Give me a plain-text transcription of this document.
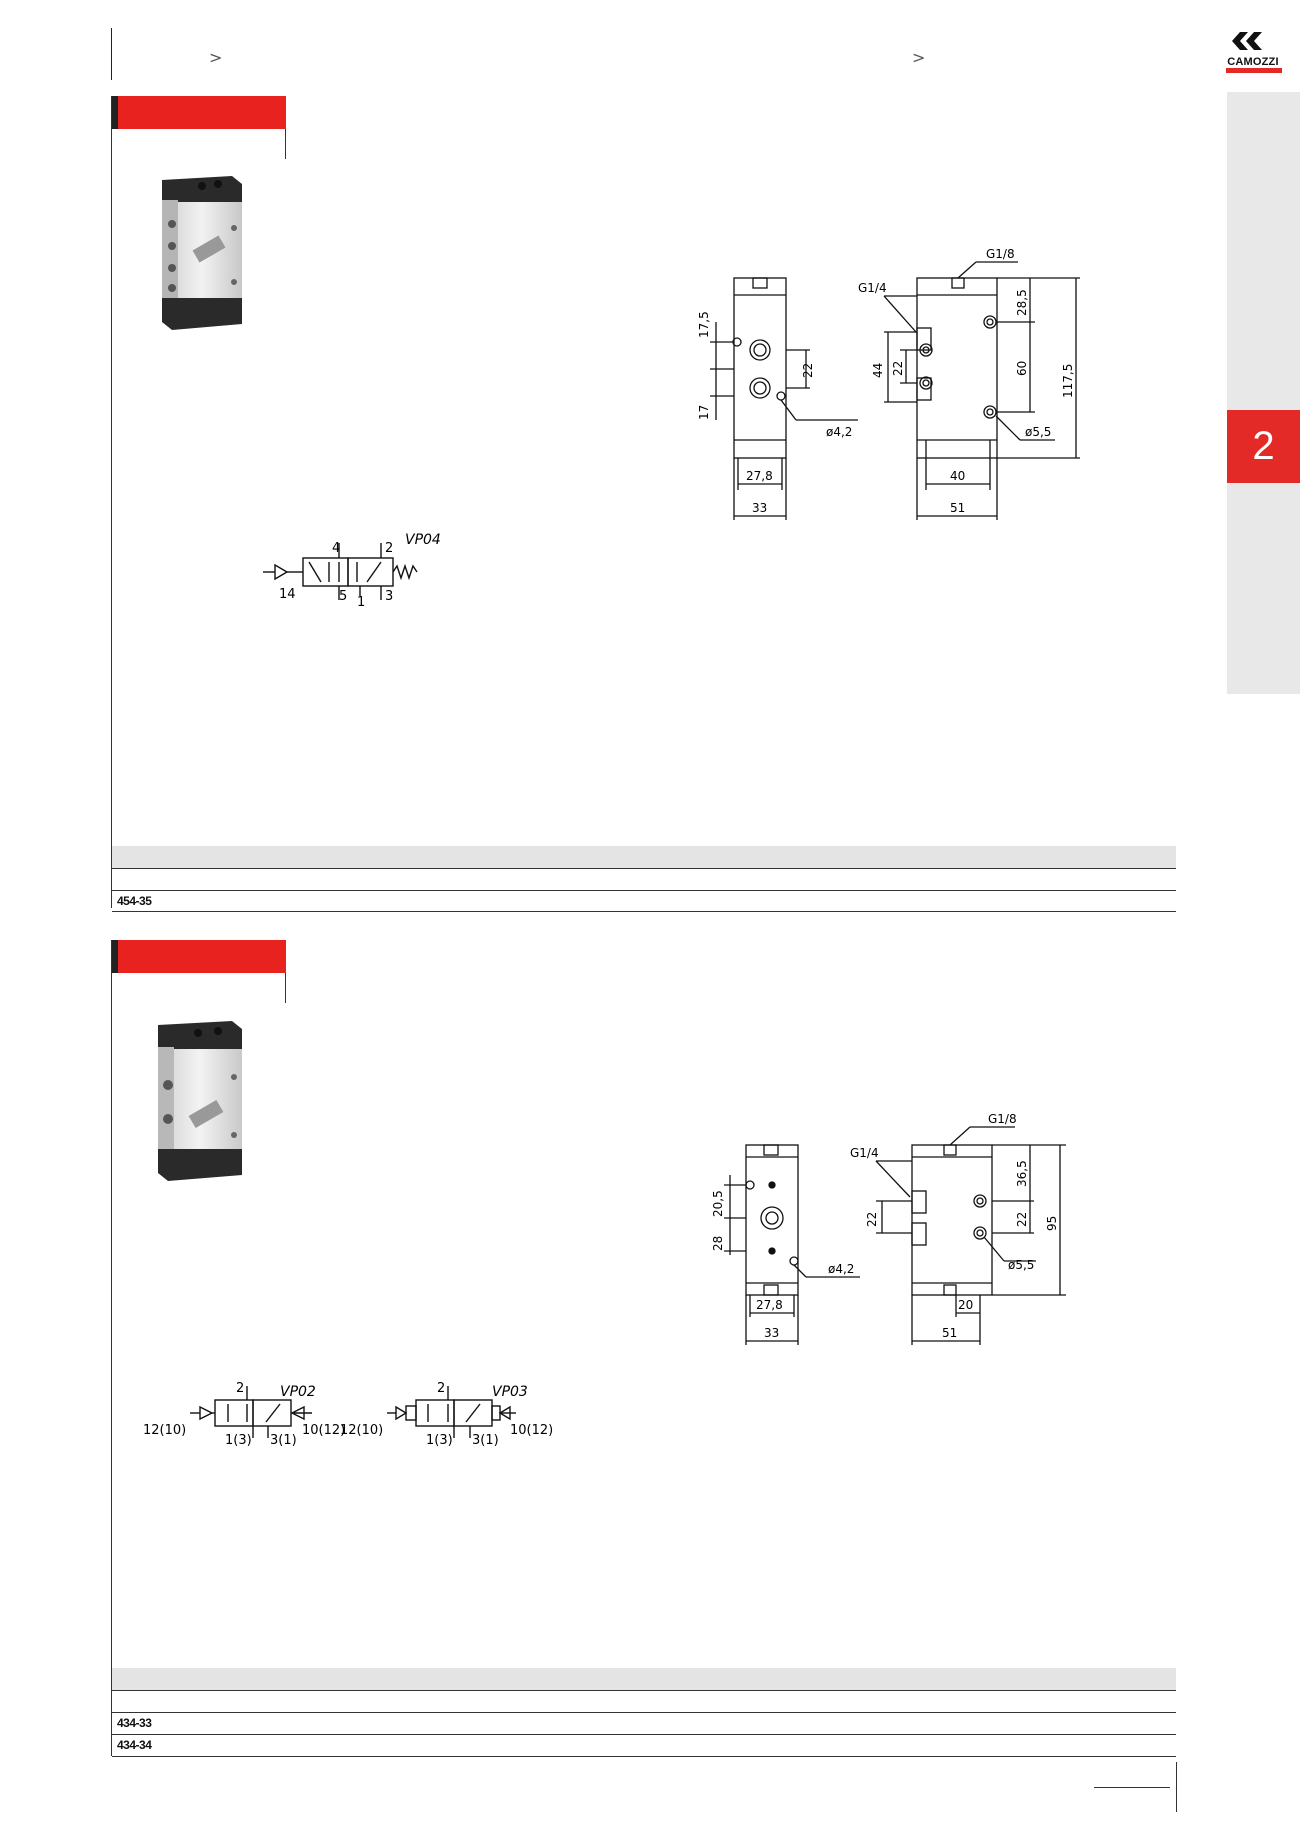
>	>	CAMOZZI
2
4	2
VP04
14	5 1 3
17,5
17
22
27,8
33
ø4,2
G1/8
G1/4
28,5
117,5
44 22	60
40
51
ø5,5
454-35
2	VP02
12(10)
1(3) 3(1)
10(12)
2	VP03
12(10)
1(3) 3(1)
10(12)
20,5
28
27,8
33
ø4,2
G1/8
G1/4
36,5
95
22	22
20
51
ø5,5
434-33
434-34
